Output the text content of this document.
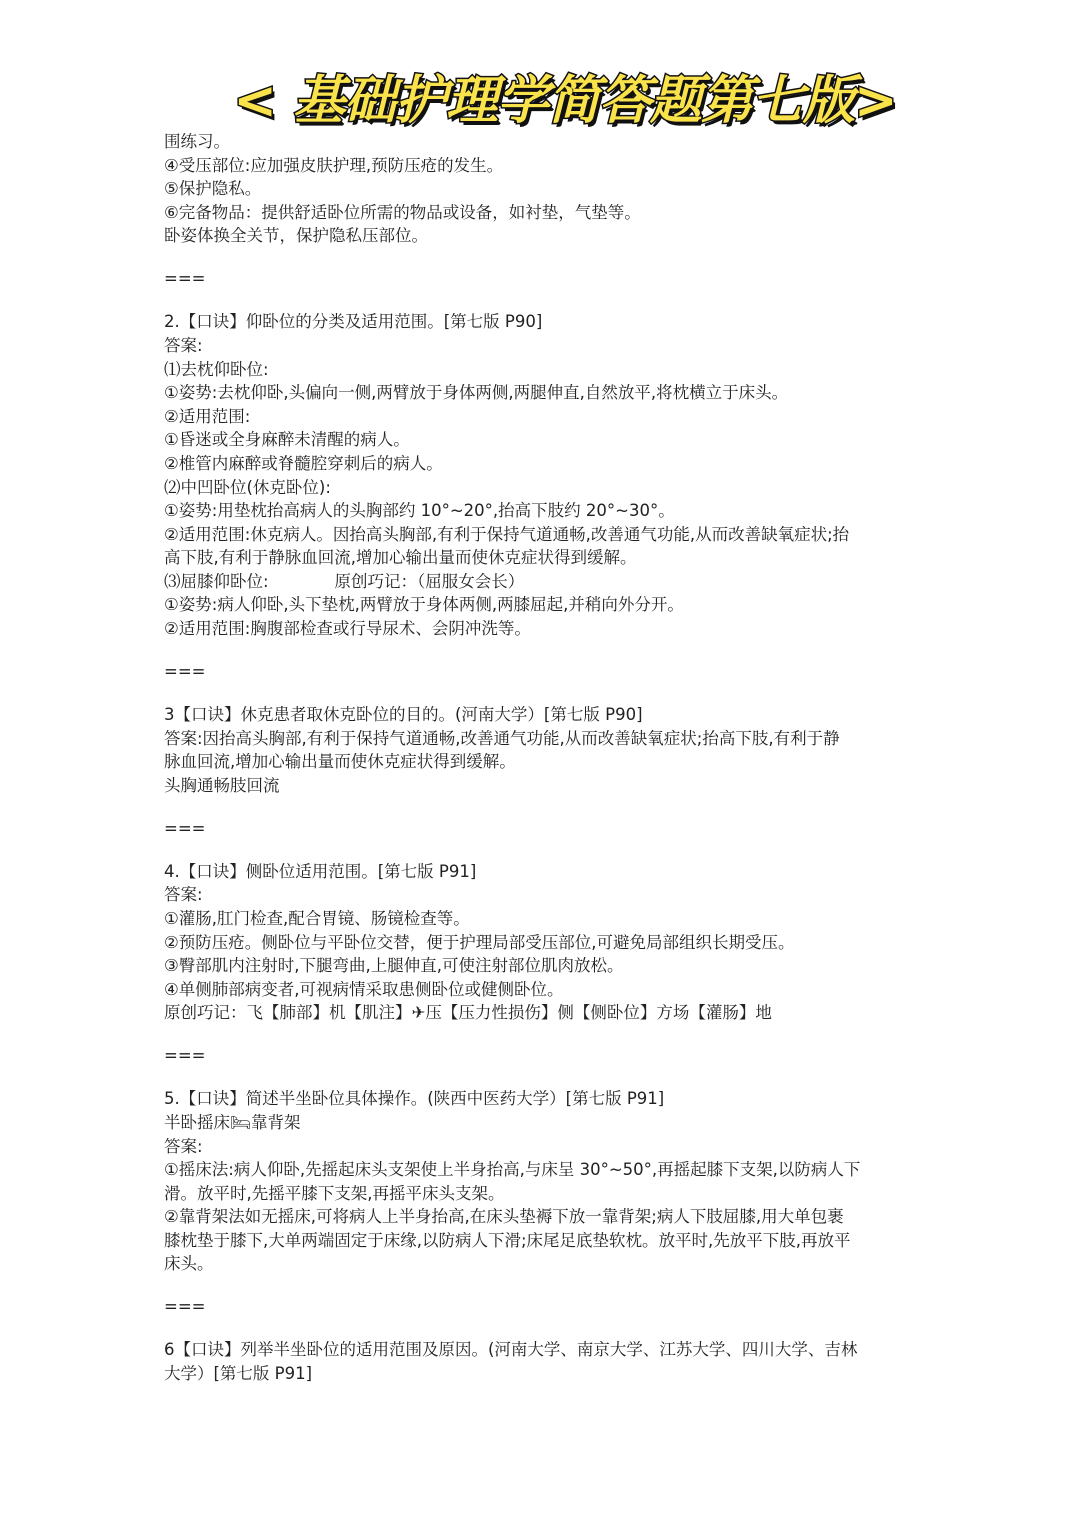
< 基础护理学简答题第七版>
围练习。
④受压部位:应加强皮肤护理,预防压疮的发生。
⑤保护隐私。
⑥完备物品：提供舒适卧位所需的物品或设备，如衬垫，气垫等。
卧姿体换全关节，保护隐私压部位。
===
2.【口诀】仰卧位的分类及适用范围。[第七版 P90]
答案:
⑴去枕仰卧位:
①姿势:去枕仰卧,头偏向一侧,两臂放于身体两侧,两腿伸直,自然放平,将枕横立于床头。
②适用范围:
①昏迷或全身麻醉未清醒的病人。
②椎管内麻醉或脊髓腔穿刺后的病人。
⑵中凹卧位(休克卧位):
①姿势:用垫枕抬高病人的头胸部约 10°~20°,抬高下肢约 20°~30°。
②适用范围:休克病人。因抬高头胸部,有利于保持气道通畅,改善通气功能,从而改善缺氧症状;抬
高下肢,有利于静脉血回流,增加心输出量而使休克症状得到缓解。
⑶屈膝仰卧位:　　　　原创巧记：（屈服女会长）
①姿势:病人仰卧,头下垫枕,两臂放于身体两侧,两膝屈起,并稍向外分开。
②适用范围:胸腹部检查或行导尿术、会阴冲洗等。
===
3【口诀】休克患者取休克卧位的目的。(河南大学）[第七版 P90]
答案:因抬高头胸部,有利于保持气道通畅,改善通气功能,从而改善缺氧症状;抬高下肢,有利于静
脉血回流,增加心输出量而使休克症状得到缓解。
头胸通畅肢回流
===
4.【口诀】侧卧位适用范围。[第七版 P91]
答案:
①灌肠,肛门检查,配合胃镜、肠镜检查等。
②预防压疮。侧卧位与平卧位交替，便于护理局部受压部位,可避免局部组织长期受压。
③臀部肌内注射时,下腿弯曲,上腿伸直,可使注射部位肌肉放松。
④单侧肺部病变者,可视病情采取患侧卧位或健侧卧位。
原创巧记：飞【肺部】机【肌注】✈压【压力性损伤】侧【侧卧位】方场【灌肠】地
===
5.【口诀】简述半坐卧位具体操作。(陕西中医药大学）[第七版 P91]
半卧摇床🛏靠背架
答案:
①摇床法:病人仰卧,先摇起床头支架使上半身抬高,与床呈 30°~50°,再摇起膝下支架,以防病人下
滑。放平时,先摇平膝下支架,再摇平床头支架。
②靠背架法如无摇床,可将病人上半身抬高,在床头垫褥下放一靠背架;病人下肢屈膝,用大单包裹
膝枕垫于膝下,大单两端固定于床缘,以防病人下滑;床尾足底垫软枕。放平时,先放平下肢,再放平
床头。
===
6【口诀】列举半坐卧位的适用范围及原因。(河南大学、南京大学、江苏大学、四川大学、吉林
大学）[第七版 P91]
